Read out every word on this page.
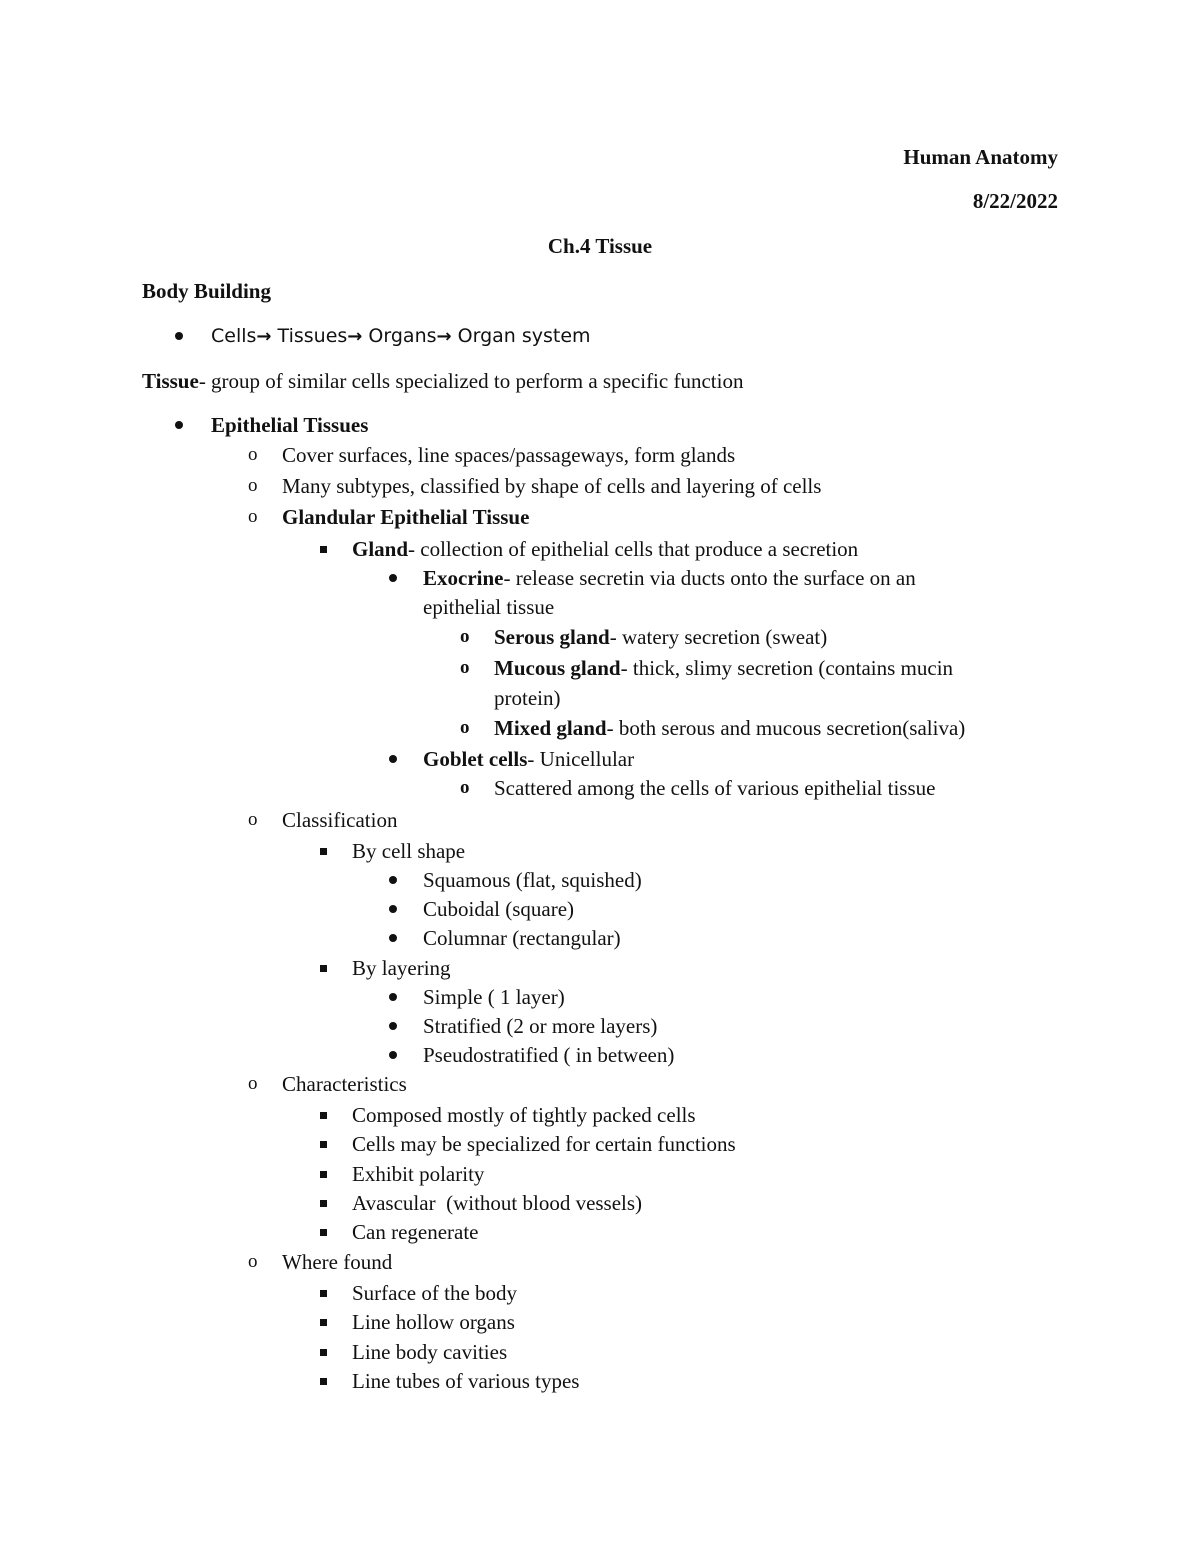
Human Anatomy
8/22/2022
Ch.4 Tissue
Body Building
Cells→ Tissues→ Organs→ Organ system
Tissue- group of similar cells specialized to perform a specific function
Epithelial Tissues
o Cover surfaces, line spaces/passageways, form glands
o Many subtypes, classified by shape of cells and layering of cells
o Glandular Epithelial Tissue
Gland- collection of epithelial cells that produce a secretion
Exocrine- release secretin via ducts onto the surface on an
epithelial tissue
o Serous gland- watery secretion (sweat)
o Mucous gland- thick, slimy secretion (contains mucin
protein)
o Mixed gland- both serous and mucous secretion(saliva)
Goblet cells- Unicellular
o Scattered among the cells of various epithelial tissue
o Classification
By cell shape
Squamous (flat, squished)
Cuboidal (square)
Columnar (rectangular)
By layering
Simple ( 1 layer)
Stratified (2 or more layers)
Pseudostratified ( in between)
o Characteristics
Composed mostly of tightly packed cells
Cells may be specialized for certain functions
Exhibit polarity
Avascular  (without blood vessels)
Can regenerate
o Where found
Surface of the body
Line hollow organs
Line body cavities
Line tubes of various types
